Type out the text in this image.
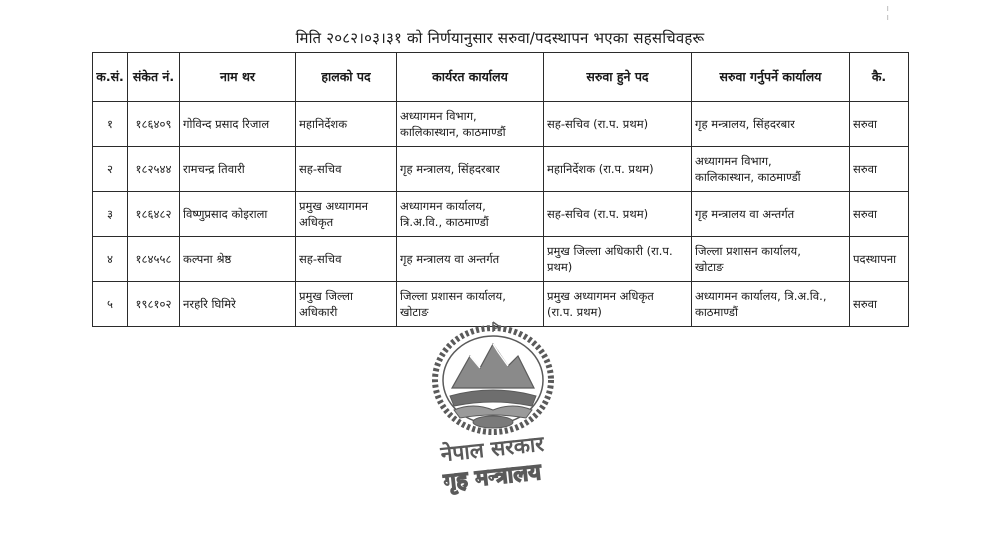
मिति २०८२।०३।३१ को निर्णयानुसार सरुवा/पदस्थापन भएका सहसचिवहरू
क.सं.	संकेत नं.	नाम थर	हालको पद	कार्यरत कार्यालय	सरुवा हुने पद	सरुवा गर्नुपर्ने कार्यालय	कै.
१	१८६४०९	गोविन्द प्रसाद रिजाल	महानिर्देशक	अध्यागमन विभाग,
कालिकास्थान, काठमाण्डौं	सह-सचिव (रा.प. प्रथम)	गृह मन्त्रालय, सिंहदरबार	सरुवा
२	१८२५४४	रामचन्द्र तिवारी	सह-सचिव	गृह मन्त्रालय, सिंहदरबार	महानिर्देशक (रा.प. प्रथम)	अध्यागमन विभाग,
कालिकास्थान, काठमाण्डौं	सरुवा
३	१८६४८२	विष्णुप्रसाद कोइराला	प्रमुख अध्यागमन
अधिकृत	अध्यागमन कार्यालय,
त्रि.अ.वि., काठमाण्डौं	सह-सचिव (रा.प. प्रथम)	गृह मन्त्रालय वा अन्तर्गत	सरुवा
४	१८४५५८	कल्पना श्रेष्ठ	सह-सचिव	गृह मन्त्रालय वा अन्तर्गत	प्रमुख जिल्ला अधिकारी (रा.प.
प्रथम)	जिल्ला प्रशासन कार्यालय,
खोटाङ	पदस्थापना
५	१९८१०२	नरहरि घिमिरे	प्रमुख जिल्ला
अधिकारी	जिल्ला प्रशासन कार्यालय,
खोटाङ	प्रमुख अध्यागमन अधिकृत
(रा.प. प्रथम)	अध्यागमन कार्यालय, त्रि.अ.वि.,
काठमाण्डौं	सरुवा
नेपाल सरकार
गृह मन्त्रालय
